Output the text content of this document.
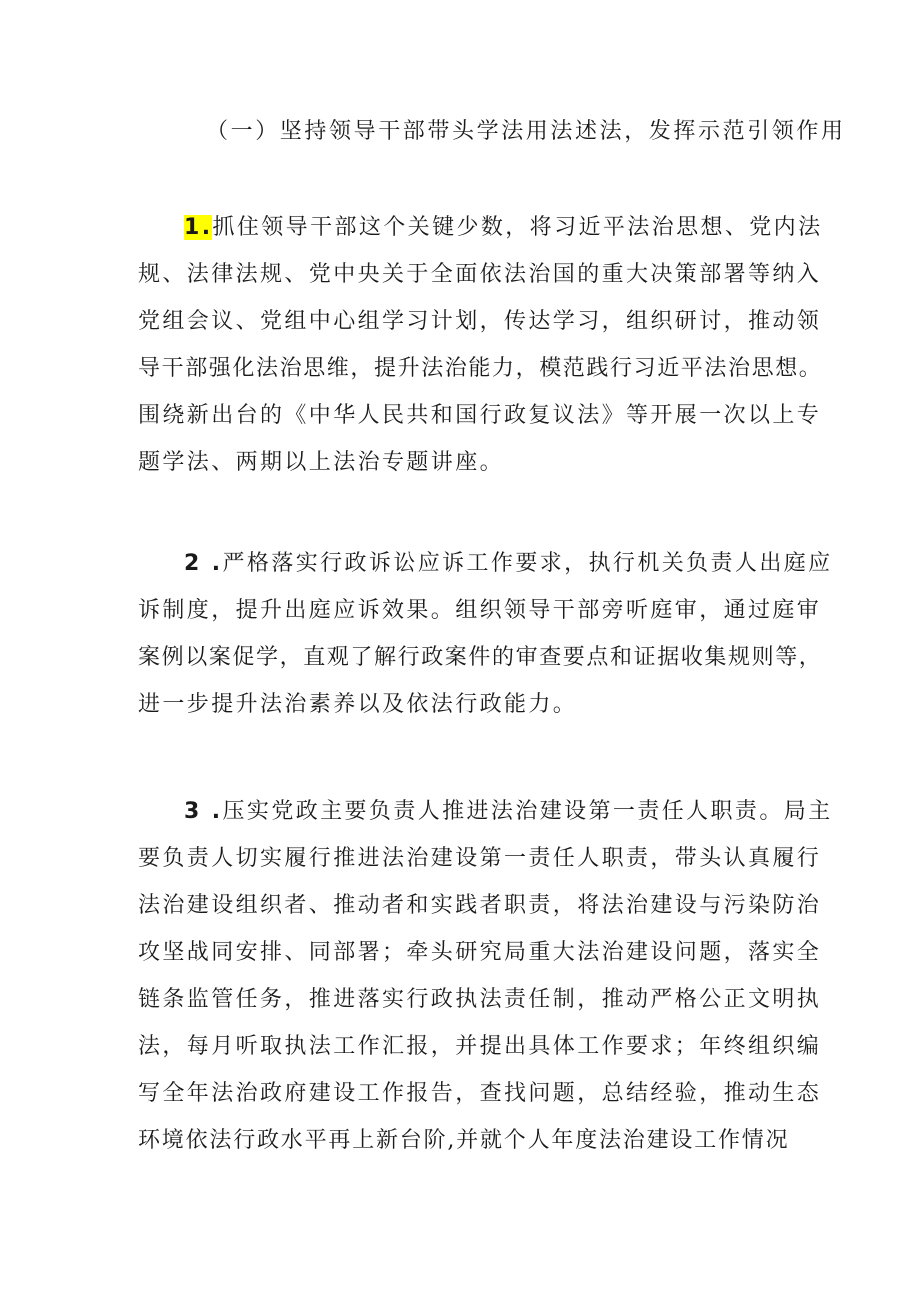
（一）坚持领导干部带头学法用法述法，发挥示范引领作用
1.抓住领导干部这个关键少数，将习近平法治思想、党内法
规、法律法规、党中央关于全面依法治国的重大决策部署等纳入
党组会议、党组中心组学习计划，传达学习，组织研讨，推动领
导干部强化法治思维，提升法治能力，模范践行习近平法治思想。
围绕新出台的《中华人民共和国行政复议法》等开展一次以上专
题学法、两期以上法治专题讲座。
2 .严格落实行政诉讼应诉工作要求，执行机关负责人出庭应
诉制度，提升出庭应诉效果。组织领导干部旁听庭审，通过庭审
案例以案促学，直观了解行政案件的审查要点和证据收集规则等，
进一步提升法治素养以及依法行政能力。
3 .压实党政主要负责人推进法治建设第一责任人职责。局主
要负责人切实履行推进法治建设第一责任人职责，带头认真履行
法治建设组织者、推动者和实践者职责，将法治建设与污染防治
攻坚战同安排、同部署；牵头研究局重大法治建设问题，落实全
链条监管任务，推进落实行政执法责任制，推动严格公正文明执
法，每月听取执法工作汇报，并提出具体工作要求；年终组织编
写全年法治政府建设工作报告，查找问题，总结经验，推动生态
环境依法行政水平再上新台阶,并就个人年度法治建设工作情况
